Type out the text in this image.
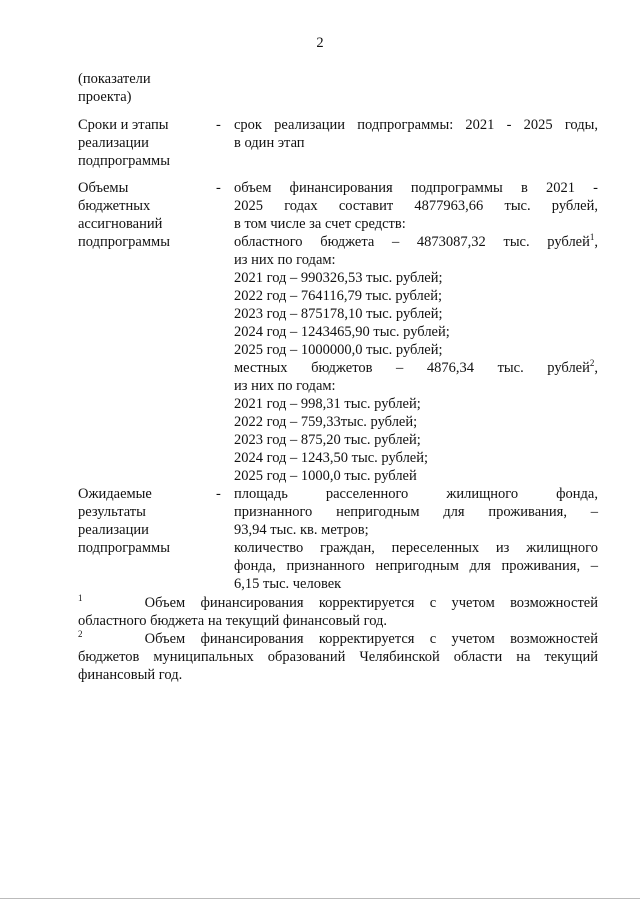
2
(показатели
проекта)
Сроки и этапы
реализации
подпрограммы
- срок реализации подпрограммы: 2021 - 2025 годы,
в один этап
Объемы
бюджетных
ассигнований
подпрограммы
- объем финансирования подпрограммы в 2021 -
2025 годах составит 4877963,66 тыс. рублей,
в том числе за счет средств:
областного бюджета – 4873087,32 тыс. рублей$^1$,
из них по годам:
2021 год – 990326,53 тыс. рублей;
2022 год – 764116,79 тыс. рублей;
2023 год – 875178,10 тыс. рублей;
2024 год – 1243465,90 тыс. рублей;
2025 год – 1000000,0 тыс. рублей;
местных бюджетов – 4876,34 тыс. рублей$^2$,
из них по годам:
2021 год – 998,31 тыс. рублей;
2022 год – 759,33тыс. рублей;
2023 год – 875,20 тыс. рублей;
2024 год – 1243,50 тыс. рублей;
2025 год – 1000,0 тыс. рублей
Ожидаемые
результаты
реализации
подпрограммы
- площадь расселенного жилищного фонда,
признанного непригодным для проживания, –
93,94 тыс. кв. метров;
количество граждан, переселенных из жилищного
фонда, признанного непригодным для проживания, –
6,15 тыс. человек
$^1$	Объем финансирования корректируется с учетом возможностей
областного бюджета на текущий финансовый год.
$^2$	Объем финансирования корректируется с учетом возможностей
бюджетов муниципальных образований Челябинской области на текущий
финансовый год.
